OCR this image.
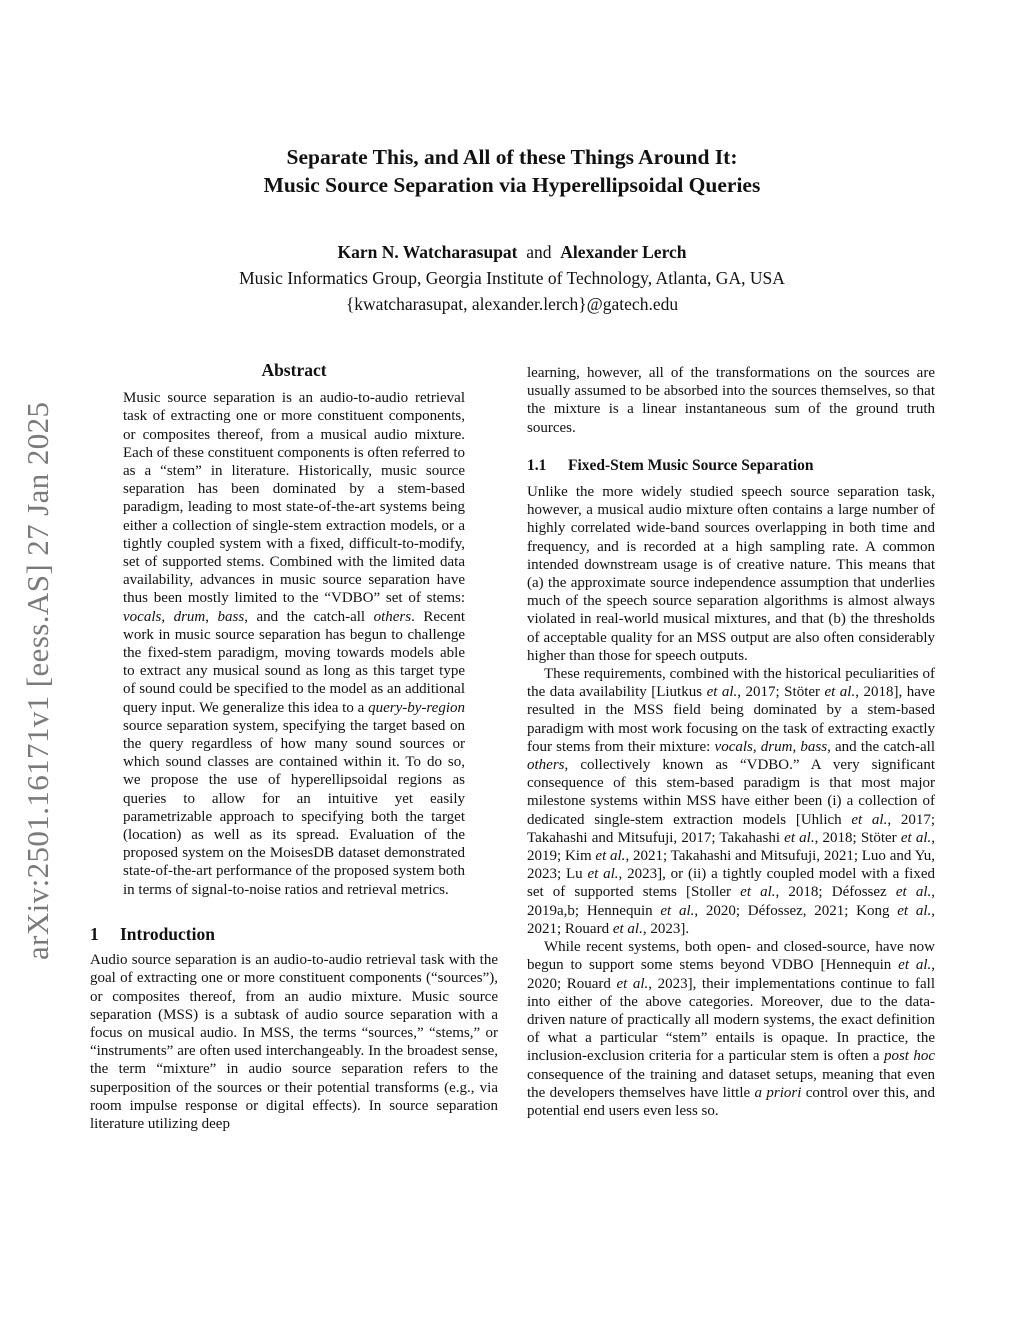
arXiv:2501.16171v1 [eess.AS] 27 Jan 2025
Separate This, and All of these Things Around It:
Music Source Separation via Hyperellipsoidal Queries
Karn N. Watcharasupat and Alexander Lerch
Music Informatics Group, Georgia Institute of Technology, Atlanta, GA, USA
{kwatcharasupat, alexander.lerch}@gatech.edu
Abstract

Music source separation is an audio-to-audio retrieval task of extracting one or more constituent components, or composites thereof, from a musical audio mixture. Each of these constituent components is often referred to as a “stem” in literature. Historically, music source separation has been dominated by a stem-based paradigm, leading to most state-of-the-art systems being either a collection of single-stem extraction models, or a tightly coupled system with a fixed, difficult-to-modify, set of supported stems. Combined with the limited data availability, advances in music source separation have thus been mostly limited to the “VDBO” set of stems: vocals, drum, bass, and the catch-all others. Recent work in music source separation has begun to challenge the fixed-stem paradigm, moving towards models able to extract any musical sound as long as this target type of sound could be specified to the model as an additional query input. We generalize this idea to a query-by-region source separation system, specifying the target based on the query regardless of how many sound sources or which sound classes are contained within it. To do so, we propose the use of hyperellipsoidal regions as queries to allow for an intuitive yet easily parametrizable approach to specifying both the target (location) as well as its spread. Evaluation of the proposed system on the MoisesDB dataset demonstrated state-of-the-art performance of the proposed system both in terms of signal-to-noise ratios and retrieval metrics.

1 Introduction

Audio source separation is an audio-to-audio retrieval task with the goal of extracting one or more constituent components (“sources”), or composites thereof, from an audio mixture. Music source separation (MSS) is a subtask of audio source separation with a focus on musical audio. In MSS, the terms “sources,” “stems,” or “instruments” are often used interchangeably. In the broadest sense, the term “mixture” in audio source separation refers to the superposition of the sources or their potential transforms (e.g., via room impulse response or digital effects). In source separation literature utilizing deep

learning, however, all of the transformations on the sources are usually assumed to be absorbed into the sources themselves, so that the mixture is a linear instantaneous sum of the ground truth sources.

1.1 Fixed-Stem Music Source Separation

Unlike the more widely studied speech source separation task, however, a musical audio mixture often contains a large number of highly correlated wide-band sources overlapping in both time and frequency, and is recorded at a high sampling rate. A common intended downstream usage is of creative nature. This means that (a) the approximate source independence assumption that underlies much of the speech source separation algorithms is almost always violated in real-world musical mixtures, and that (b) the thresholds of acceptable quality for an MSS output are also often considerably higher than those for speech outputs.

These requirements, combined with the historical peculiarities of the data availability [Liutkus et al., 2017; Stöter et al., 2018], have resulted in the MSS field being dominated by a stem-based paradigm with most work focusing on the task of extracting exactly four stems from their mixture: vocals, drum, bass, and the catch-all others, collectively known as “VDBO.” A very significant consequence of this stem-based paradigm is that most major milestone systems within MSS have either been (i) a collection of dedicated single-stem extraction models [Uhlich et al., 2017; Takahashi and Mitsufuji, 2017; Takahashi et al., 2018; Stöter et al., 2019; Kim et al., 2021; Takahashi and Mitsufuji, 2021; Luo and Yu, 2023; Lu et al., 2023], or (ii) a tightly coupled model with a fixed set of supported stems [Stoller et al., 2018; Défossez et al., 2019a,b; Hennequin et al., 2020; Défossez, 2021; Kong et al., 2021; Rouard et al., 2023].

While recent systems, both open- and closed-source, have now begun to support some stems beyond VDBO [Hennequin et al., 2020; Rouard et al., 2023], their implementations continue to fall into either of the above categories. Moreover, due to the data-driven nature of practically all modern systems, the exact definition of what a particular “stem” entails is opaque. In practice, the inclusion-exclusion criteria for a particular stem is often a post hoc consequence of the training and dataset setups, meaning that even the developers themselves have little a priori control over this, and potential end users even less so.
